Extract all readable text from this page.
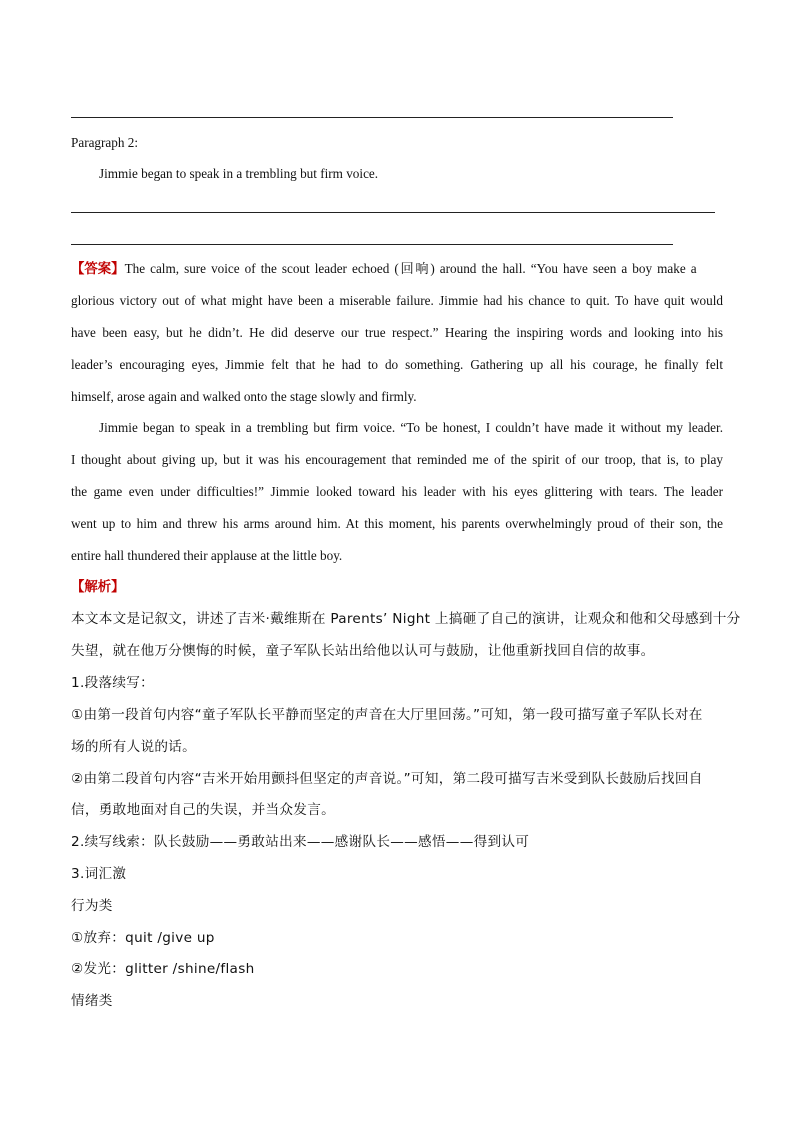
Paragraph 2:
Jimmie began to speak in a trembling but firm voice.
【答案】The calm, sure voice of the scout leader echoed (回响) around the hall. “You have seen a boy make a
glorious victory out of what might have been a miserable failure. Jimmie had his chance to quit. To have quit would
have been easy, but he didn’t. He did deserve our true respect.” Hearing the inspiring words and looking into his
leader’s encouraging eyes, Jimmie felt that he had to do something. Gathering up all his courage, he finally felt
himself, arose again and walked onto the stage slowly and firmly.
Jimmie began to speak in a trembling but firm voice. “To be honest, I couldn’t have made it without my leader.
I thought about giving up, but it was his encouragement that reminded me of the spirit of our troop, that is, to play
the game even under difficulties!” Jimmie looked toward his leader with his eyes glittering with tears. The leader
went up to him and threw his arms around him. At this moment, his parents overwhelmingly proud of their son, the
entire hall thundered their applause at the little boy.
【解析】
本文本文是记叙文，讲述了吉米·戴维斯在 Parents’ Night 上搞砸了自己的演讲，让观众和他和父母感到十分
失望，就在他万分懊悔的时候，童子军队长站出给他以认可与鼓励，让他重新找回自信的故事。
1.段落续写：
①由第一段首句内容“童子军队长平静而坚定的声音在大厅里回荡。”可知，第一段可描写童子军队长对在
场的所有人说的话。
②由第二段首句内容“吉米开始用颤抖但坚定的声音说。”可知，第二段可描写吉米受到队长鼓励后找回自
信，勇敢地面对自己的失误，并当众发言。
2.续写线索：队长鼓励——勇敢站出来——感谢队长——感悟——得到认可
3.词汇激
行为类
①放弃：quit /give up
②发光：glitter /shine/flash
情绪类
